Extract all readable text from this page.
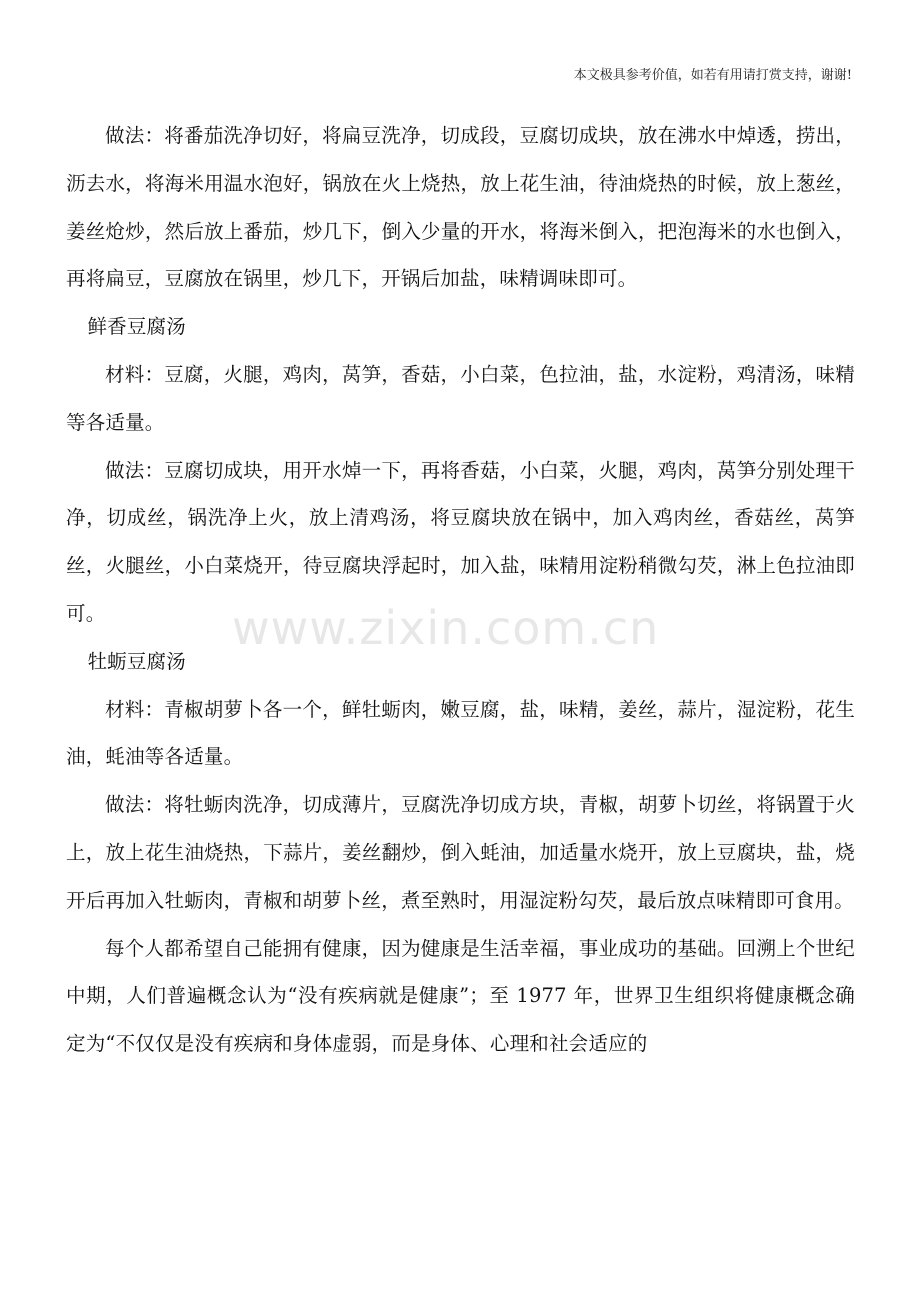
本文极具参考价值，如若有用请打赏支持，谢谢!
www.zixin.com.cn

做法：将番茄洗净切好，将扁豆洗净，切成段，豆腐切成块，放在沸水中焯透，捞出，沥去水，将海米用温水泡好，锅放在火上烧热，放上花生油，待油烧热的时候，放上葱丝，姜丝炝炒，然后放上番茄，炒几下，倒入少量的开水，将海米倒入，把泡海米的水也倒入，再将扁豆，豆腐放在锅里，炒几下，开锅后加盐，味精调味即可。

鲜香豆腐汤

材料：豆腐，火腿，鸡肉，莴笋，香菇，小白菜，色拉油，盐，水淀粉，鸡清汤，味精等各适量。

做法：豆腐切成块，用开水焯一下，再将香菇，小白菜，火腿，鸡肉，莴笋分别处理干净，切成丝，锅洗净上火，放上清鸡汤，将豆腐块放在锅中，加入鸡肉丝，香菇丝，莴笋丝，火腿丝，小白菜烧开，待豆腐块浮起时，加入盐，味精用淀粉稍微勾芡，淋上色拉油即可。

牡蛎豆腐汤

材料：青椒胡萝卜各一个，鲜牡蛎肉，嫩豆腐，盐，味精，姜丝，蒜片，湿淀粉，花生油，蚝油等各适量。

做法：将牡蛎肉洗净，切成薄片，豆腐洗净切成方块，青椒，胡萝卜切丝，将锅置于火上，放上花生油烧热，下蒜片，姜丝翻炒，倒入蚝油，加适量水烧开，放上豆腐块，盐，烧开后再加入牡蛎肉，青椒和胡萝卜丝，煮至熟时，用湿淀粉勾芡，最后放点味精即可食用。

每个人都希望自己能拥有健康，因为健康是生活幸福，事业成功的基础。回溯上个世纪中期，人们普遍概念认为“没有疾病就是健康”；至 1977 年，世界卫生组织将健康概念确定为“不仅仅是没有疾病和身体虚弱，而是身体、心理和社会适应的
